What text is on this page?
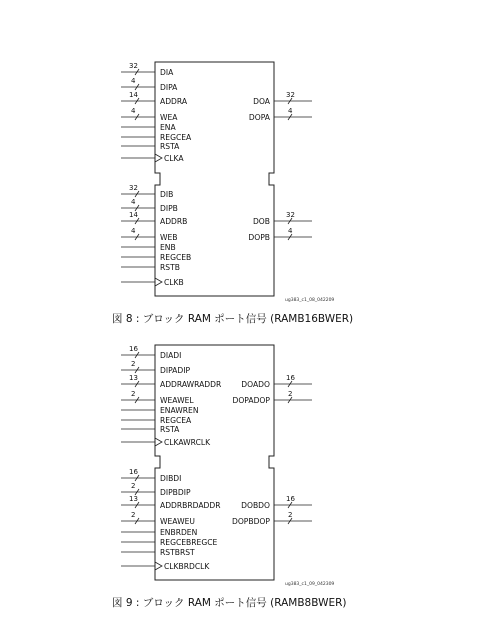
32
DIA
4
DIPA
14
ADDRA
4
WEA
ENA
REGCEA
RSTA
CLKA
32
DIB
4
DIPB
14
ADDRB
4
WEB
ENB
REGCEB
RSTB
CLKB
32
DOA
4
DOPA
32
DOB
4
DOPB
ug383_c1_08_042209
図 8 : ブロック RAM ポート信号 (RAMB16BWER)
16
DIADI
2
DIPADIP
13
ADDRAWRADDR
2
WEAWEL
ENAWREN
REGCEA
RSTA
CLKAWRCLK
16
DIBDI
2
DIPBDIP
13
ADDRBRDADDR
2
WEAWEU
ENBRDEN
REGCEBREGCE
RSTBRST
CLKBRDCLK
16
DOADO
2
DOPADOP
16
DOBDO
2
DOPBDOP
ug383_c1_09_042309
図 9 : ブロック RAM ポート信号 (RAMB8BWER)
